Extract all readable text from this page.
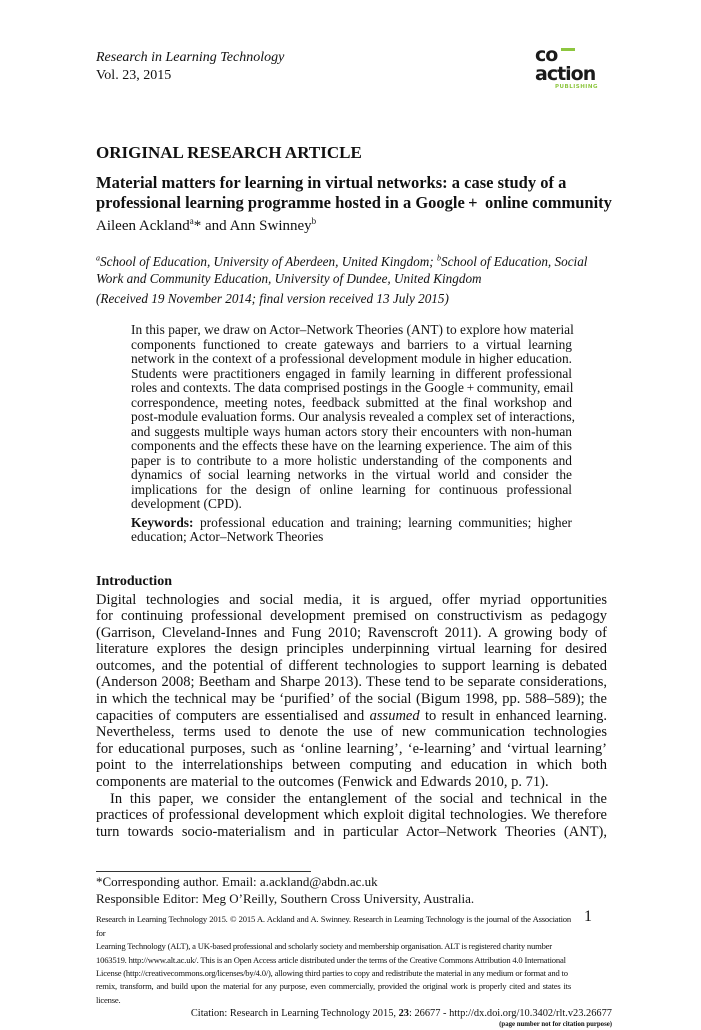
co
action
PUBLISHING
1
Research in Learning Technology
Vol. 23, 2015
ORIGINAL RESEARCH ARTICLE
Material matters for learning in virtual networks: a case study of a
professional learning programme hosted in a Google +  online community
Aileen Ackland$^a$* and Ann Swinney$^b$
$^a$School of Education, University of Aberdeen, United Kingdom; $^b$School of Education, Social
Work and Community Education, University of Dundee, United Kingdom
(Received 19 November 2014; final version received 13 July 2015)
In this paper, we draw on Actor–Network Theories (ANT) to explore how material
components functioned to create gateways and barriers to a virtual learning
network in the context of a professional development module in higher education.
Students were practitioners engaged in family learning in different professional
roles and contexts. The data comprised postings in the Google + community, email
correspondence, meeting notes, feedback submitted at the final workshop and
post-module evaluation forms. Our analysis revealed a complex set of interactions,
and suggests multiple ways human actors story their encounters with non-human
components and the effects these have on the learning experience. The aim of this
paper is to contribute to a more holistic understanding of the components and
dynamics of social learning networks in the virtual world and consider the
implications for the design of online learning for continuous professional
development (CPD).
Keywords: professional education and training; learning communities; higher
education; Actor–Network Theories
Introduction
Digital technologies and social media, it is argued, offer myriad opportunities
for continuing professional development premised on constructivism as pedagogy
(Garrison, Cleveland-Innes and Fung 2010; Ravenscroft 2011). A growing body of
literature explores the design principles underpinning virtual learning for desired
outcomes, and the potential of different technologies to support learning is debated
(Anderson 2008; Beetham and Sharpe 2013). These tend to be separate considerations,
in which the technical may be ‘purified’ of the social (Bigum 1998, pp. 588–589); the
capacities of computers are essentialised and assumed to result in enhanced learning.
Nevertheless, terms used to denote the use of new communication technologies
for educational purposes, such as ‘online learning’, ‘e-learning’ and ‘virtual learning’
point to the interrelationships between computing and education in which both
components are material to the outcomes (Fenwick and Edwards 2010, p. 71).
In this paper, we consider the entanglement of the social and technical in the
practices of professional development which exploit digital technologies. We therefore
turn towards socio-materialism and in particular Actor–Network Theories (ANT),
*Corresponding author. Email: a.ackland@abdn.ac.uk
Responsible Editor: Meg O’Reilly, Southern Cross University, Australia.
Research in Learning Technology 2015. © 2015 A. Ackland and A. Swinney. Research in Learning Technology is the journal of the Association for
Learning Technology (ALT), a UK-based professional and scholarly society and membership organisation. ALT is registered charity number
1063519. http://www.alt.ac.uk/. This is an Open Access article distributed under the terms of the Creative Commons Attribution 4.0 International
License (http://creativecommons.org/licenses/by/4.0/), allowing third parties to copy and redistribute the material in any medium or format and to
remix, transform, and build upon the material for any purpose, even commercially, provided the original work is properly cited and states its license.
Citation: Research in Learning Technology 2015, 23: 26677 - http://dx.doi.org/10.3402/rlt.v23.26677
(page number not for citation purpose)
